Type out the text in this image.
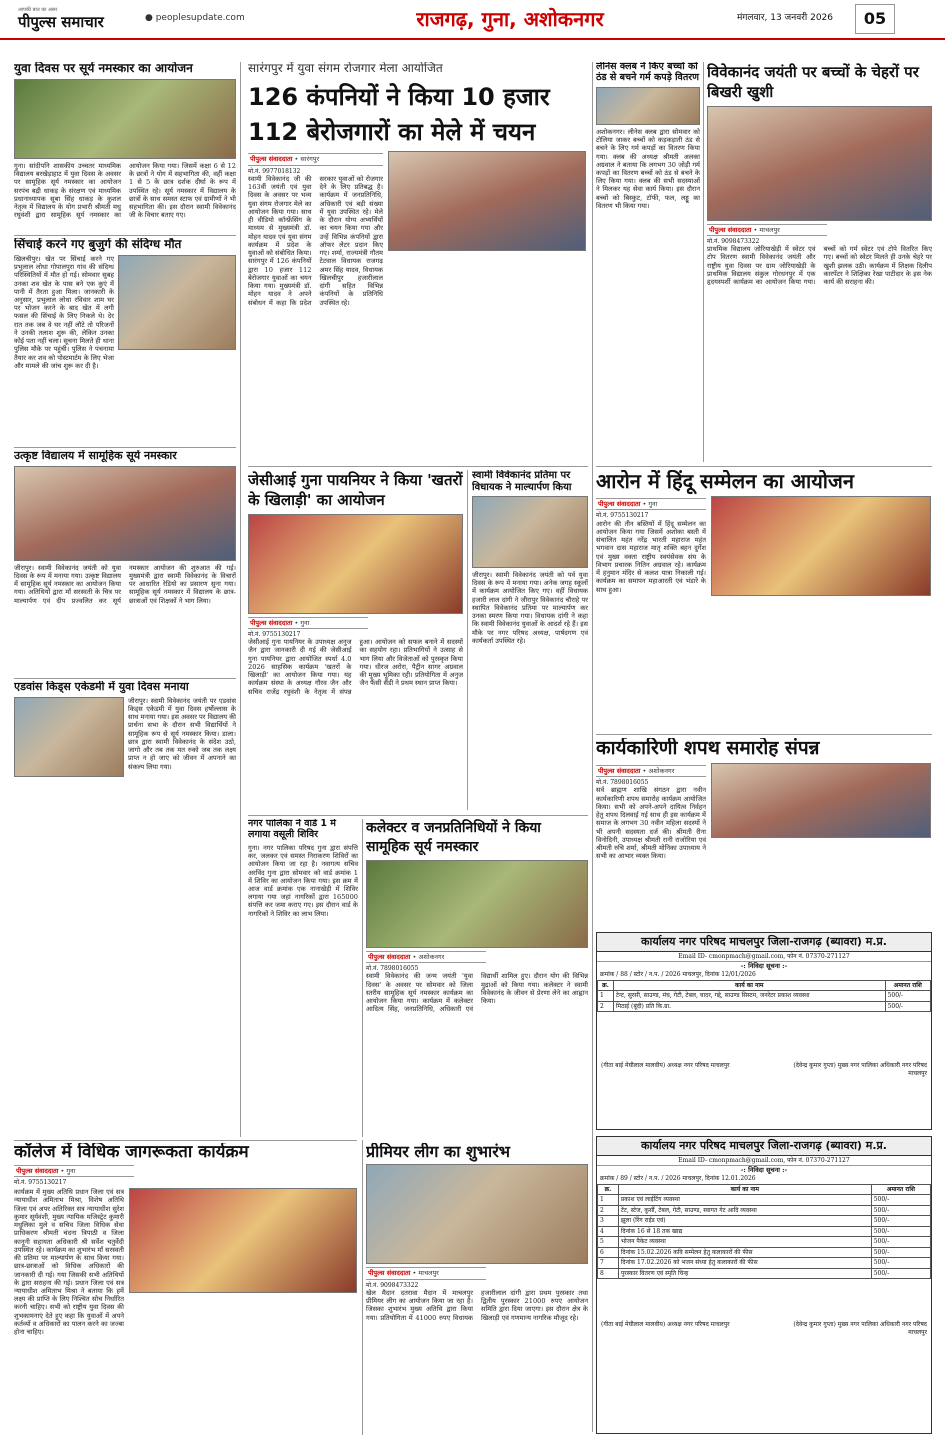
आपकी बात का असर
पीपुल्स समाचार	● peoplesupdate.com	राजगढ़, गुना, अशोकनगर	मंगलवार, 13 जनवरी 2026	05
युवा दिवस पर सूर्य नमस्कार का आयोजन
गुना। सांदीपनि शासकीय उच्चतर माध्यमिक विद्यालय बरखेड़ाहाट में युवा दिवस के अवसर पर सामूहिक सूर्य नमस्कार का आयोजन सरपंच बद्री धाकड़ के संरक्षण एवं माध्यमिक प्रधानाध्यापक सूबा सिंह धाकड़ के कुशल नेतृत्व में विद्यालय के योग प्रभारी श्रीमती मधु रघुवंशी द्वारा सामूहिक सूर्य नमस्कार का आयोजन किया गया। जिसमें कक्षा 6 से 12 के छात्रों ने योग में सहभागिता की, वहीं कक्षा 1 से 5 के छात्र दर्शक दीर्घा के रूप में उपस्थित रहे। सूर्य नमस्कार में विद्यालय के छात्रों के साथ समस्त स्टाफ एवं ग्रामीणों ने भी सहभागिता की। इस दौरान स्वामी विवेकानंद जी के विचार बताए गए।
सिंचाई करने गए बुजुर्ग की संदिग्ध मौत
खिलचीपुर। खेत पर सिंचाई करने गए प्रभुलाल लोधा गोपालपुरा गांव की संदिग्ध परिस्थितियों में मौत हो गई। सोमवार सुबह उनका शव खेत के पास बने एक कुएं में पानी में तैरता हुआ मिला। जानकारी के अनुसार, प्रभुलाल लोधा रविवार शाम घर पर भोजन करने के बाद खेत में लगी फसल की सिंचाई के लिए निकले थे। देर रात तक जब वे घर नहीं लौटे तो परिजनों ने उनकी तलाश शुरू की, लेकिन उनका कोई पता नहीं चला। सूचना मिलते ही थाना पुलिस मौके पर पहुंची। पुलिस ने पंचनामा तैयार कर शव को पोस्टमार्टम के लिए भेजा और मामले की जांच शुरू कर दी है।
उत्कृष्ट विद्यालय में सामूहिक सूर्य नमस्कार
जीरापुर। स्वामी विवेकानंद जयंती को युवा दिवस के रूप में मनाया गया। उत्कृष्ट विद्यालय में सामूहिक सूर्य नमस्कार का आयोजन किया गया। अतिथियों द्वारा माँ सरस्वती के चित्र पर माल्यार्पण एवं दीप प्रज्वलित कर सूर्य नमस्कार आयोजन की शुरुआत की गई। मुख्यमंत्री द्वारा स्वामी विवेकानंद के विचारों पर आधारित रेडियो का प्रसारण सुना गया। सामूहिक सूर्य नमस्कार में विद्यालय के छात्र-छात्राओं एवं शिक्षकों ने भाग लिया।
एडवांस किड्स एकेडमी में युवा दिवस मनाया
जीरापुर। स्वामी विवेकानंद जयंती पर एडवांस किड्स एकेडमी में युवा दिवस हर्षोल्लास के साथ मनाया गया। इस अवसर पर विद्यालय की प्रार्थना सभा के दौरान सभी विद्यार्थियों ने सामूहिक रूप से सूर्य नमस्कार किया। डाला। छात्र द्वारा स्वामी विवेकानंद के संदेश उठो, जागो और तब तक मत रुको जब तक लक्ष्य प्राप्त न हो जाए को जीवन में अपनाने का संकल्प लिया गया।
कॉलेज में विधिक जागरूकता कार्यक्रम
पीपुल्स संवाददाता • गुना
मो.नं. 9755130217
कार्यक्रम में मुख्य अतिथि प्रधान जिला एवं सत्र न्यायाधीश अमिताभ मिश्रा, विशेष अतिथि जिला एवं अपर अतिरिक्त सत्र न्यायाधीश सुरेश कुमार सूर्यवंशी, मुख्य न्यायिक मजिस्ट्रेट कुमारी मधुलिका मुले व सचिव जिला विधिक सेवा प्राधिकरण श्रीमती चंदना त्रिपाठी व जिला कानूनी सहायता अधिकारी श्री सर्वेश चतुर्वेदी उपस्थित रहे। कार्यक्रम का शुभारंभ माँ सरस्वती की प्रतिमा पर माल्यार्पण के साथ किया गया। छात्र-छात्राओं को विधिक अधिकारों की जानकारी दी गई। गया जिसकी सभी अतिथियों के द्वारा सराहना की गई। प्रधान जिला एवं सत्र न्यायाधीश अमिताभ मिश्रा ने बताया कि हमें लक्ष्य की प्राप्ति के लिए निश्चित सोच निर्धारित करनी चाहिए। सभी को राष्ट्रीय युवा दिवस की शुभकामनाएं देते हुए कहा कि युवाओं में अपने कर्तव्यों व अधिकारों का पालन करने का जज्बा होना चाहिए।
सारंगपुर में युवा संगम रोजगार मेला आयोजित
126 कंपनियों ने किया 10 हजार 112 बेरोजगारों का मेले में चयन
पीपुल्स संवाददाता • सारंगपुर
मो.नं. 9977018132
स्वामी विवेकानंद जी की 163वीं जयंती एवं युवा दिवस के अवसर पर भव्य युवा संगम रोजगार मेले का आयोजन किया गया। साथ ही वीडियो कॉन्फ्रेंसिंग के माध्यम से मुख्यमंत्री डॉ. मोहन यादव एवं युवा संगम कार्यक्रम में प्रदेश के युवाओं को संबोधित किया। सारंगपुर में 126 कंपनियों द्वारा 10 हजार 112 बेरोजगार युवाओं का चयन किया गया। मुख्यमंत्री डॉ. मोहन यादव ने अपने संबोधन में कहा कि प्रदेश सरकार युवाओं को रोजगार देने के लिए प्रतिबद्ध है। कार्यक्रम में जनप्रतिनिधि, अधिकारी एवं बड़ी संख्या में युवा उपस्थित रहे। मेले के दौरान योग्य अभ्यर्थियों का चयन किया गया और उन्हें विभिन्न कंपनियों द्वारा ऑफर लेटर प्रदान किए गए। शर्मा, राज्यमंत्री गौतम टेटवाल विधायक राजगढ़ अमर सिंह यादव, विधायक खिलचीपुर हजारीलाल दांगी सहित विभिन्न कंपनियों के प्रतिनिधि उपस्थित रहे।
जेसीआई गुना पायनियर ने किया 'खतरों के खिलाड़ी' का आयोजन
पीपुल्स संवाददाता • गुना
मो.नं. 9755130217
जेसीआई गुना पायनियर के उपाध्यक्ष अनुज जैन द्वारा जानकारी दी गई की जेसीआई गुना पायनियर द्वारा आयोजित स्पर्धा 4.0 2026 साहसिक कार्यक्रम 'खतरों के खिलाड़ी' का आयोजन किया गया। यह कार्यक्रम संस्था के अध्यक्ष गौरव जैन और सचिव राजेंद्र रघुवंशी के नेतृत्व में संपन्न हुआ। आयोजन को सफल बनाने में सदस्यों का सहयोग रहा। प्रतिभागियों ने उत्साह से भाग लिया और विजेताओं को पुरस्कृत किया गया। धीरज अरोरा, पैट्रीन सागर अग्रवाल की मुख्य भूमिका रही। प्रतियोगिता में अनुज जैन फैंसी सैंडी ने प्रथम स्थान प्राप्त किया।
स्वामी विवेकानंद प्रतिमा पर विधायक ने माल्यार्पण किया
जीरापुर। स्वामी विवेकानंद जयंती को पर्व युवा दिवस के रूप में मनाया गया। अनेक जगह स्कूलों में कार्यक्रम आयोजित किए गए। वहीं विधायक हजारी लाल दांगी ने जीरापुर विवेकानंद चौराहे पर स्थापित विवेकानंद प्रतिमा पर माल्यार्पण कर उनका स्मरण किया गया। विधायक दांगी ने कहा कि स्वामी विवेकानंद युवाओं के आदर्श रहे हैं। इस मौके पर नगर परिषद अध्यक्ष, पार्षदगण एवं कार्यकर्ता उपस्थित रहे।
नगर पालिका ने वार्ड 1 में लगाया वसूली शिविर
गुना। नगर पालिका परिषद गुना द्वारा संपत्ति कर, जलकर एवं समस्त निराकरण शिविरों का आयोजन किया जा रहा है। नवागत्य सचिव अरविंद गुना द्वारा सोमवार को वार्ड क्रमांक 1 में शिविर का आयोजन किया गया। इस क्रम में आज वार्ड क्रमांक एक नानाखेड़ी में शिविर लगाया गया जहां नागरिकों द्वारा 165000 संपत्ति कर जमा कराए गए। इस दौरान वार्ड के नागरिकों ने शिविर का लाभ लिया।
कलेक्टर व जनप्रतिनिधियों ने किया सामूहिक सूर्य नमस्कार
पीपुल्स संवाददाता • अशोकनगर
मो.नं. 7898016055
स्वामी विवेकानंद की जन्म जयंती 'युवा दिवस' के अवसर पर सोमवार को जिला स्तरीय सामूहिक सूर्य नमस्कार कार्यक्रम का आयोजन किया गया। कार्यक्रम में कलेक्टर आदित्य सिंह, जनप्रतिनिधि, अधिकारी एवं विद्यार्थी शामिल हुए। दौरान योग की विभिन्न मुद्राओं को किया गया। कलेक्टर ने स्वामी विवेकानंद के जीवन से प्रेरणा लेने का आह्वान किया।
प्रीमियर लीग का शुभारंभ
पीपुल्स संवाददाता • माचलपुर
मो.नं. 9098473322
खेल मैदान दतरावा मैदान में माचलपुर प्रीमियर लीग का आयोजन किया जा रहा है। जिसका शुभारंभ मुख्य अतिथि द्वारा किया गया। प्रतियोगिता में 41000 रुपए विधायक हजारीलाल दांगी द्वारा प्रथम पुरस्कार तथा द्वितीय पुरस्कार 21000 रुपए आयोजन समिति द्वारा दिया जाएगा। इस दौरान क्षेत्र के खिलाड़ी एवं गणमान्य नागरिक मौजूद रहे।
लीनेस क्लब ने किए बच्चों को ठंड से बचने गर्म कपड़े वितरण
अशोकनगर। लीनेस क्लब द्वारा सोमवार को टोलिया जाकर बच्चों को कड़कड़ाती ठंड से बचने के लिए गर्म कपड़ों का वितरण किया गया। क्लब की अध्यक्ष श्रीमती अलका अग्रवाल ने बताया कि लगभग 30 जोड़ी गर्म कपड़ों का वितरण बच्चों को ठंड से बचने के लिए किया गया। क्लब की सभी सदस्याओं ने मिलकर यह सेवा कार्य किया। इस दौरान बच्चों को बिस्कुट, टॉफी, फल, लड्डू का वितरण भी किया गया।
विवेकानंद जयंती पर बच्चों के चेहरों पर बिखरी खुशी
पीपुल्स संवाददाता • माचलपुर
मो.नं. 9098473322
प्राथमिक विद्यालय जोरियाखेड़ी में स्वेटर एवं टोप वितरण स्वामी विवेकानंद जयंती और राष्ट्रीय युवा दिवस पर ग्राम जोरियाखेड़ी के प्राथमिक विद्यालय संकुल गोरधनपुर में एक हृदयस्पर्शी कार्यक्रम का आयोजन किया गया। बच्चों को गर्म स्वेटर एवं टोपे वितरित किए गए। बच्चों को स्वेटर मिलते ही उनके चेहरे पर खुशी झलक उठी। कार्यक्रम में शिक्षक दिलीप कारपेंटर ने शिक्षिका रेखा पाटीदार के इस नेक कार्य की सराहना की।
आरोन में हिंदू सम्मेलन का आयोजन
पीपुल्स संवाददाता • गुना
मो.नं. 9755130217
आरोन की तीन बस्तियों में हिंदू सम्मेलन का आयोजन किया गया जिसमें अशोका बस्ती में संचालित महंत नरेंद्र भारती महाराज महंत भगवान दास महाराज मातृ शक्ति बहन दुर्गेश एवं मुख्य वक्ता राष्ट्रीय स्वयंसेवक संघ के विभाग प्रचारक नितिन अग्रवाल रहे। कार्यक्रम में हनुमान मंदिर से कलश यात्रा निकाली गई। कार्यक्रम का समापन महाआरती एवं भंडारे के साथ हुआ।
कार्यकारिणी शपथ समारोह संपन्न
पीपुल्स संवाददाता • अशोकनगर
मो.नं. 7898016055
सर्व ब्राह्मण शाखि संगठन द्वारा नवीन कार्यकारिणी शपथ समारोह कार्यक्रम आयोजित किया। सभी को अपने-अपने दायित्व निर्वहन हेतु शपथ दिलवाई गई साथ ही इस कार्यक्रम में समाज के लगभग 30 नवीन महिला सदस्यों ने भी अपनी सदस्यता दर्ज की। श्रीमती रीना विनोदिनी, उपाध्यक्ष श्रीमती रानी राजोरिया एवं श्रीमती रुचि शर्मा, श्रीमती मोनिका उपाध्याय ने सभी का आभार व्यक्त किया।
कार्यालय नगर परिषद माचलपुर जिला-राजगढ़ (ब्यावरा) म.प्र.
Email ID- cmonpmach@gmail.com, फोन नं. 07370-271127
-: निविदा सूचना :-
क्रमांक / 88 / स्टोर / न.प. / 2026 माचलपुर, दिनांक 12/01/2026
क्र.	कार्य का नाम	अमानत राशि
1	टेन्ट, सुरसी, साउण्ड, मंच, गेटी, टेबल, चादर, गद्दे, साउण्ड सिस्टम, जनरेटर प्रकाश व्यवस्था	500/-
2	मिठाई (बूंदी) प्रति कि.ग्रा.	500/-
(गीता बाई मेघीलाल मालवीय) अध्यक्ष नगर परिषद माचलपुर	(देवेन्द्र कुमार गुप्ता) मुख्य नगर पालिका अधिकारी नगर परिषद माचलपुर
कार्यालय नगर परिषद माचलपुर जिला-राजगढ़ (ब्यावरा) म.प्र.
Email ID- cmonpmach@gmail.com, फोन नं. 07370-271127
-: निविदा सूचना :-
क्रमांक / 89 / स्टोर / न.प. / 2026 माचलपुर, दिनांक 12.01.2026
क्र.	कार्य का नाम	अमानत राशि
1	प्रकाश एवं लाईटिंग व्यवस्था	500/-
2	टेंट, स्टेज, कुर्सी, टेबल, गेटी, साउण्ड, स्वागत गेट आदि व्यवस्था	500/-
3	झूला (रिंग राईड एवं)	500/-
4	दिनांक 16 से 18 तक खाद्य	500/-
5	भोजन पैकेट व्यवस्था	500/-
6	दिनांक 15.02.2026 कवि सम्मेलन हेतु कलाकारों की फीस	500/-
7	दिनांक 17.02.2026 को भजन संध्या हेतु कलाकारों की फीस	500/-
8	पुरस्कार वितरण एवं स्मृति चिन्ह	500/-
(गीता बाई मेघीलाल मालवीय) अध्यक्ष नगर परिषद माचलपुर	(देवेन्द्र कुमार गुप्ता) मुख्य नगर पालिका अधिकारी नगर परिषद माचलपुर
